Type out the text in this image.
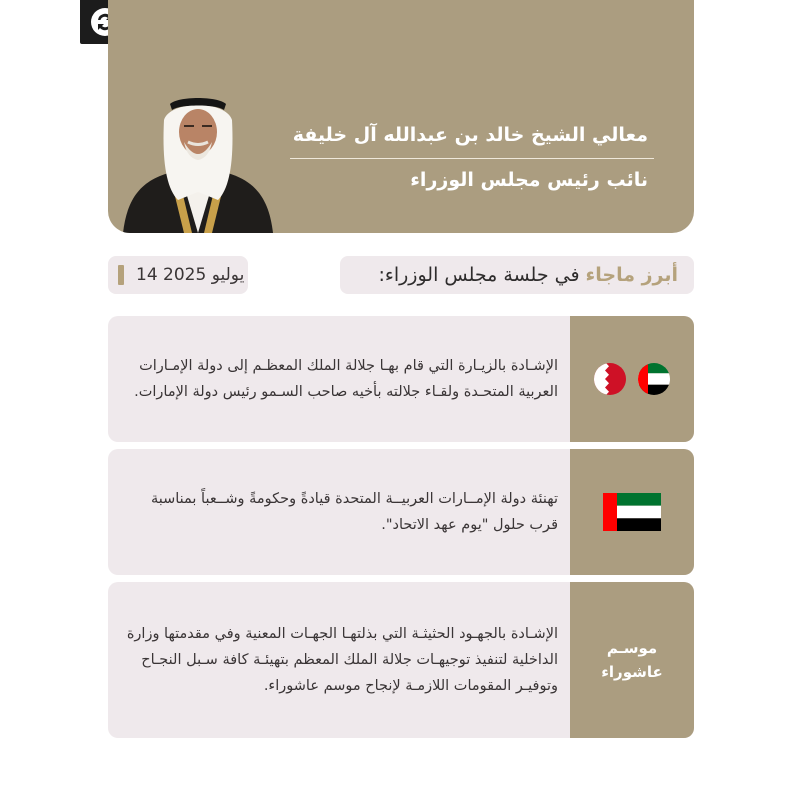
معالي الشيخ خالد بن عبدالله آل خليفة
نائب رئيس مجلس الوزراء
أبرز ماجاء
في جلسة مجلس الوزراء:
14 يوليو 2025
الإشـادة بالزيـارة التي قام بهـا جلالة الملك المعظـم إلى دولة الإمـارات العربية المتحـدة ولقـاء جلالته بأخيه صاحب السـمو رئيس دولة الإمارات.
تهنئة دولة الإمــارات العربيــة المتحدة قيادةً وحكومةً وشــعباً بمناسبة قرب حلول "يوم عهد الاتحاد".
موسـم
عاشوراء
الإشـادة بالجهـود الحثيثـة التي بذلتهـا الجهـات المعنية وفي مقدمتها وزارة الداخلية لتنفيذ توجيهـات جلالة الملك المعظم بتهيئـة كافة سـبل النجـاح وتوفيـر المقومات اللازمـة لإنجاح موسم عاشوراء.
